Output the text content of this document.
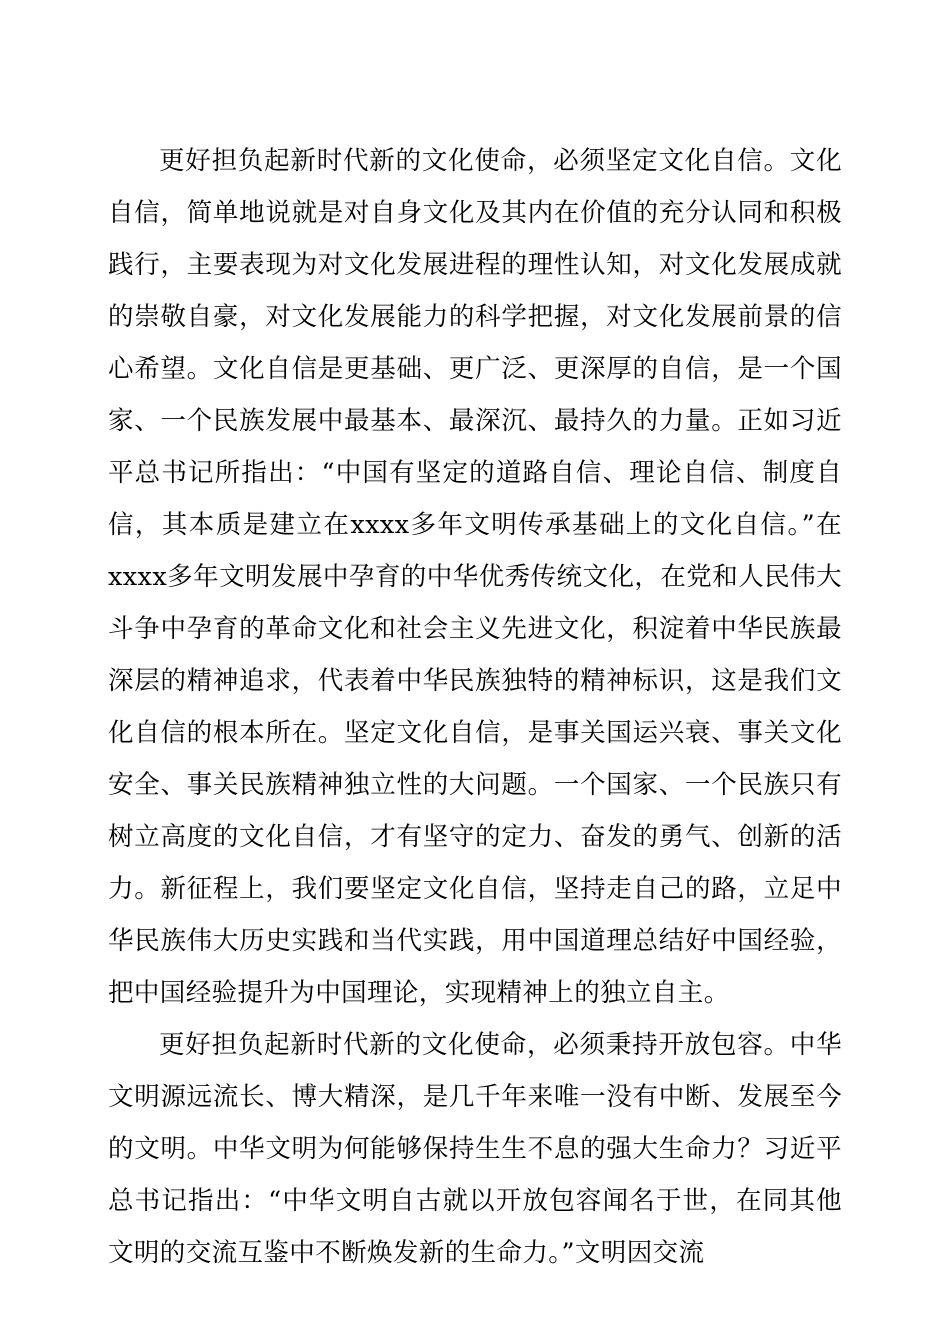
更好担负起新时代新的文化使命，必须坚定文化自信。文化自信，简单地说就是对自身文化及其内在价值的充分认同和积极践行，主要表现为对文化发展进程的理性认知，对文化发展成就的崇敬自豪，对文化发展能力的科学把握，对文化发展前景的信心希望。文化自信是更基础、更广泛、更深厚的自信，是一个国家、一个民族发展中最基本、最深沉、最持久的力量。正如习近平总书记所指出：“中国有坚定的道路自信、理论自信、制度自信，其本质是建立在xxxx多年文明传承基础上的文化自信。”在xxxx多年文明发展中孕育的中华优秀传统文化，在党和人民伟大斗争中孕育的革命文化和社会主义先进文化，积淀着中华民族最深层的精神追求，代表着中华民族独特的精神标识，这是我们文化自信的根本所在。坚定文化自信，是事关国运兴衰、事关文化安全、事关民族精神独立性的大问题。一个国家、一个民族只有树立高度的文化自信，才有坚守的定力、奋发的勇气、创新的活力。新征程上，我们要坚定文化自信，坚持走自己的路，立足中华民族伟大历史实践和当代实践，用中国道理总结好中国经验，把中国经验提升为中国理论，实现精神上的独立自主。

更好担负起新时代新的文化使命，必须秉持开放包容。中华文明源远流长、博大精深，是几千年来唯一没有中断、发展至今的文明。中华文明为何能够保持生生不息的强大生命力？习近平总书记指出：“中华文明自古就以开放包容闻名于世，在同其他文明的交流互鉴中不断焕发新的生命力。”文明因交流
